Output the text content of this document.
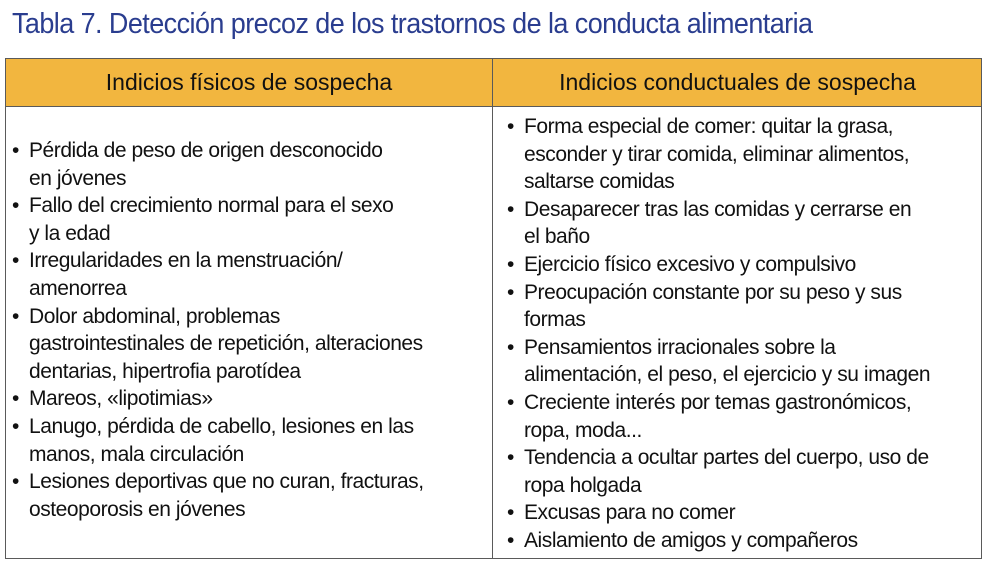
Tabla 7. Detección precoz de los trastornos de la conducta alimentaria
Indicios físicos de sospecha	Indicios conductuales de sospecha
• Pérdida de peso de origen desconocido
en jóvenes
• Fallo del crecimiento normal para el sexo
y la edad
• Irregularidades en la menstruación/
amenorrea
• Dolor abdominal, problemas
gastrointestinales de repetición, alteraciones
dentarias, hipertrofia parotídea
• Mareos, «lipotimias»
• Lanugo, pérdida de cabello, lesiones en las
manos, mala circulación
• Lesiones deportivas que no curan, fracturas,
osteoporosis en jóvenes
• Forma especial de comer: quitar la grasa,
esconder y tirar comida, eliminar alimentos,
saltarse comidas
• Desaparecer tras las comidas y cerrarse en
el baño
• Ejercicio físico excesivo y compulsivo
• Preocupación constante por su peso y sus
formas
• Pensamientos irracionales sobre la
alimentación, el peso, el ejercicio y su imagen
• Creciente interés por temas gastronómicos,
ropa, moda...
• Tendencia a ocultar partes del cuerpo, uso de
ropa holgada
• Excusas para no comer
• Aislamiento de amigos y compañeros
